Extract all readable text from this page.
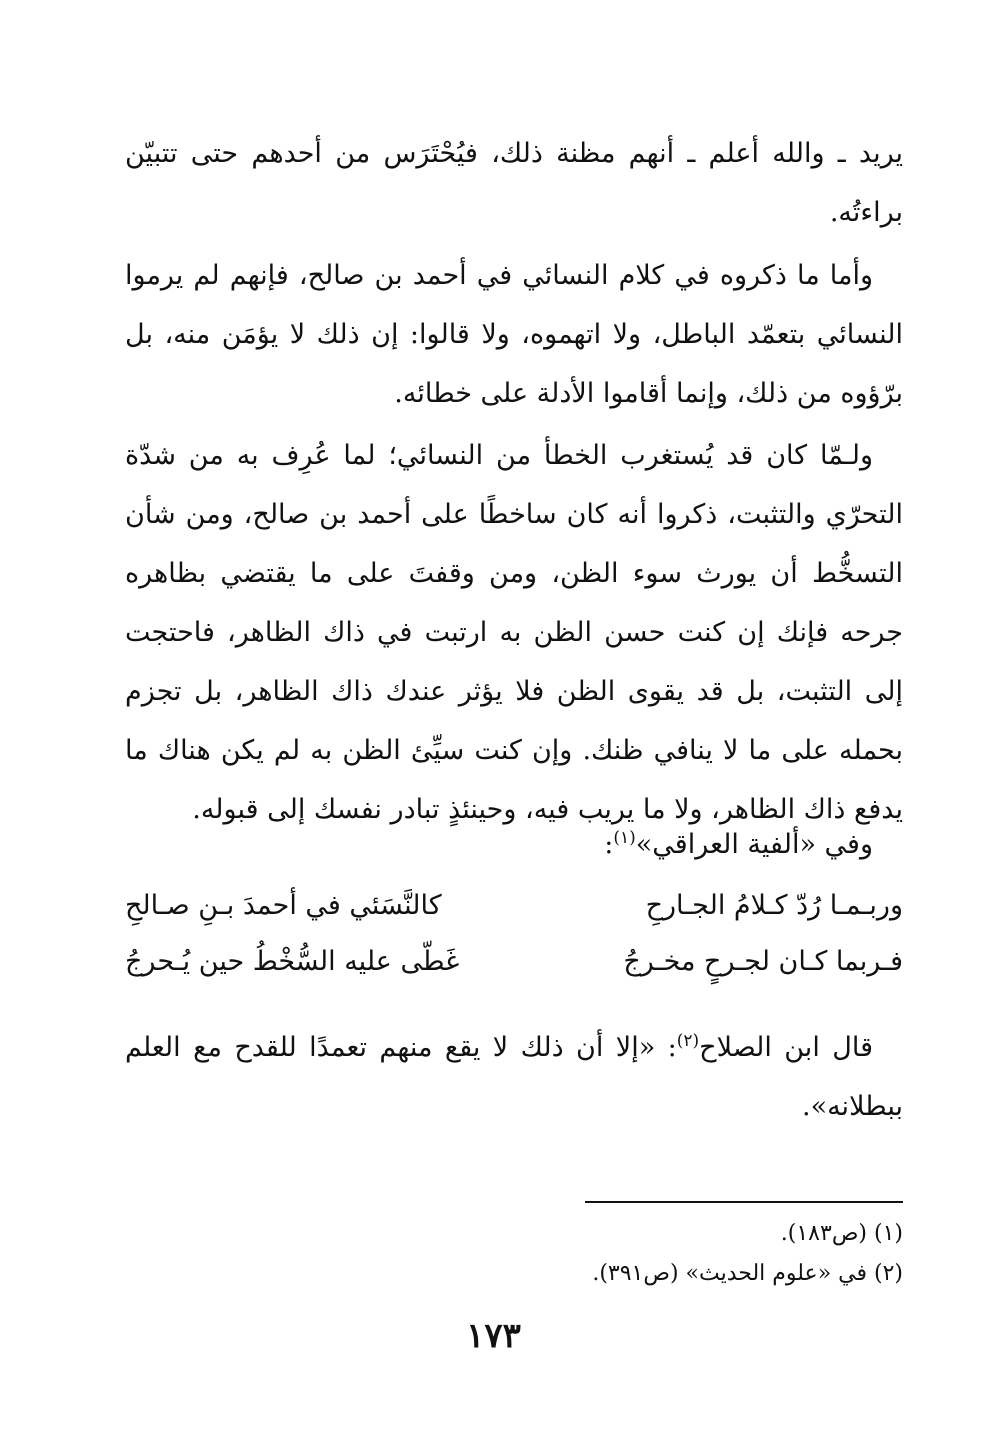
يريد ـ والله أعلم ـ أنهم مظنة ذلك، فيُحْتَرَس من أحدهم حتى تتبيّن براءتُه.

وأما ما ذكروه في كلام النسائي في أحمد بن صالح، فإنهم لم يرموا النسائي بتعمّد الباطل، ولا اتهموه، ولا قالوا: إن ذلك لا يؤمَن منه، بل برّؤوه من ذلك، وإنما أقاموا الأدلة على خطائه.

ولـمّا كان قد يُستغرب الخطأ من النسائي؛ لما عُرِف به من شدّة التحرّي والتثبت، ذكروا أنه كان ساخطًا على أحمد بن صالح، ومن شأن التسخُّط أن يورث سوء الظن، ومن وقفتَ على ما يقتضي بظاهره جرحه فإنك إن كنت حسن الظن به ارتبت في ذاك الظاهر، فاحتجت إلى التثبت، بل قد يقوى الظن فلا يؤثر عندك ذاك الظاهر، بل تجزم بحمله على ما لا ينافي ظنك. وإن كنت سيِّئ الظن به لم يكن هناك ما يدفع ذاك الظاهر، ولا ما يريب فيه، وحينئذٍ تبادر نفسك إلى قبوله.

وفي «ألفية العراقي»$^{(١)}$:

وربـمـا رُدّ كـلامُ الجـارحِ
كالنَّسَئي في أحمدَ بـنِ صـالحِ
فـربما كـان لجـرحٍ مخـرجُ
غَطّى عليه السُّخْطُ حين يُـحرجُ

قال ابن الصلاح$^{(٢)}$: «إلا أن ذلك لا يقع منهم تعمدًا للقدح مع العلم ببطلانه».

(١) (ص١٨٣).

(٢) في «علوم الحديث» (ص٣٩١).

١٧٣
